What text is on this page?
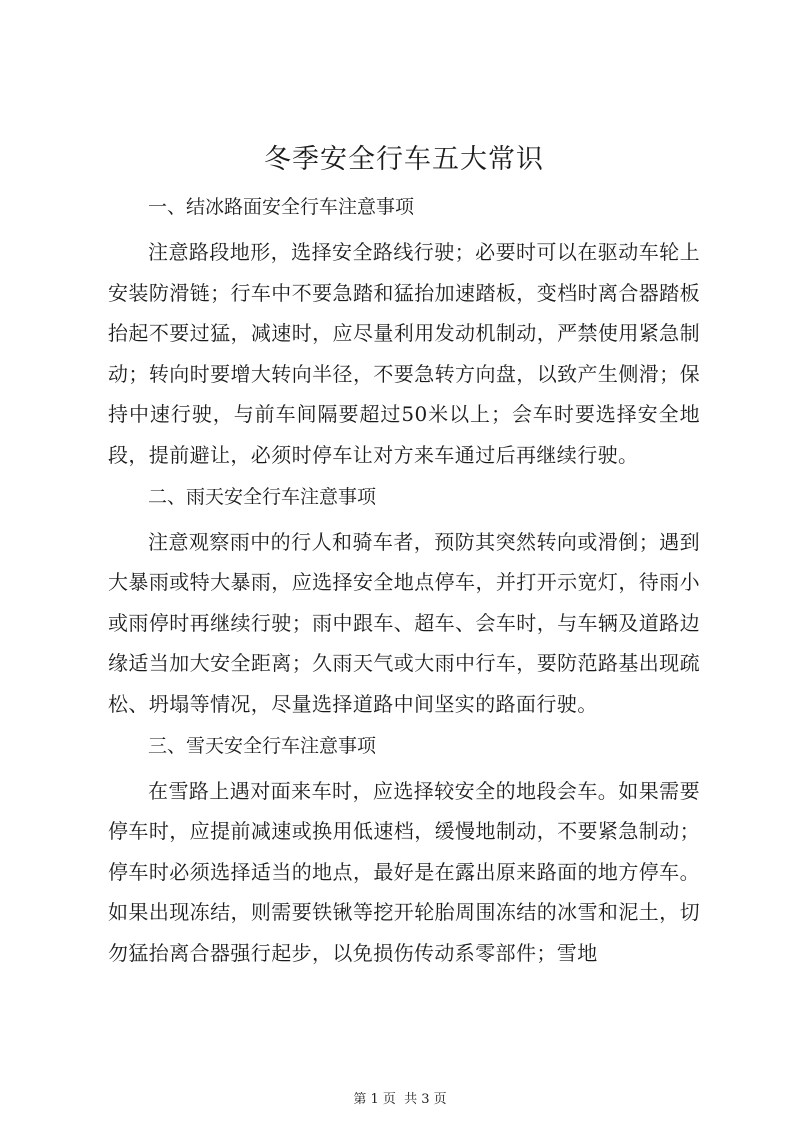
冬季安全行车五大常识

一、结冰路面安全行车注意事项

注意路段地形，选择安全路线行驶；必要时可以在驱动车轮上安装防滑链；行车中不要急踏和猛抬加速踏板，变档时离合器踏板抬起不要过猛，减速时，应尽量利用发动机制动，严禁使用紧急制动；转向时要增大转向半径，不要急转方向盘，以致产生侧滑；保持中速行驶，与前车间隔要超过50米以上；会车时要选择安全地段，提前避让，必须时停车让对方来车通过后再继续行驶。

二、雨天安全行车注意事项

注意观察雨中的行人和骑车者，预防其突然转向或滑倒；遇到大暴雨或特大暴雨，应选择安全地点停车，并打开示宽灯，待雨小或雨停时再继续行驶；雨中跟车、超车、会车时，与车辆及道路边缘适当加大安全距离；久雨天气或大雨中行车，要防范路基出现疏松、坍塌等情况，尽量选择道路中间坚实的路面行驶。

三、雪天安全行车注意事项

在雪路上遇对面来车时，应选择较安全的地段会车。如果需要停车时，应提前减速或换用低速档，缓慢地制动，不要紧急制动；停车时必须选择适当的地点，最好是在露出原来路面的地方停车。如果出现冻结，则需要铁锹等挖开轮胎周围冻结的冰雪和泥土，切勿猛抬离合器强行起步，以免损伤传动系零部件；雪地

第 1 页  共 3 页
